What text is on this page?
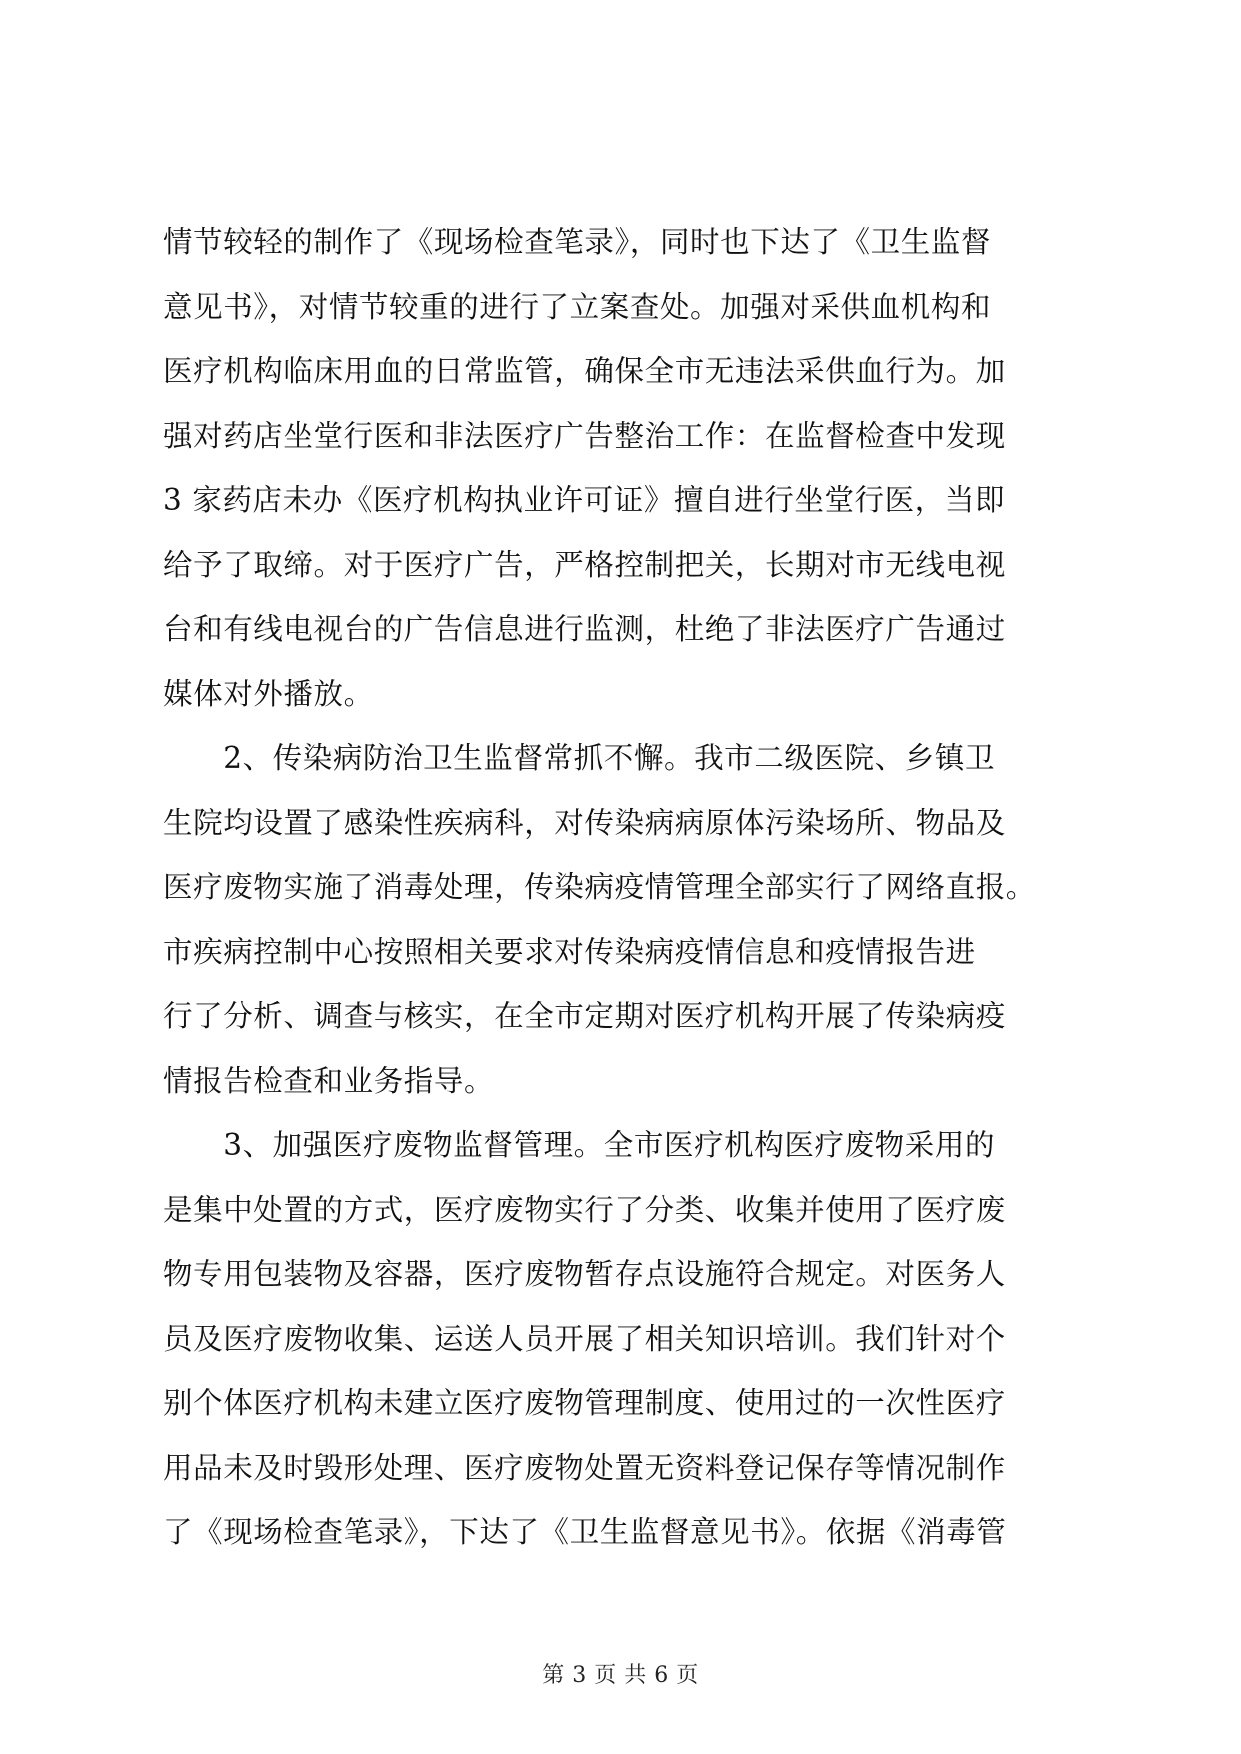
情节较轻的制作了《现场检查笔录》，同时也下达了《卫生监督
意见书》，对情节较重的进行了立案查处。加强对采供血机构和
医疗机构临床用血的日常监管，确保全市无违法采供血行为。加
强对药店坐堂行医和非法医疗广告整治工作：在监督检查中发现
3 家药店未办《医疗机构执业许可证》擅自进行坐堂行医，当即
给予了取缔。对于医疗广告，严格控制把关，长期对市无线电视
台和有线电视台的广告信息进行监测，杜绝了非法医疗广告通过
媒体对外播放。
　　2、传染病防治卫生监督常抓不懈。我市二级医院、乡镇卫
生院均设置了感染性疾病科，对传染病病原体污染场所、物品及
医疗废物实施了消毒处理，传染病疫情管理全部实行了网络直报。
市疾病控制中心按照相关要求对传染病疫情信息和疫情报告进
行了分析、调查与核实，在全市定期对医疗机构开展了传染病疫
情报告检查和业务指导。
　　3、加强医疗废物监督管理。全市医疗机构医疗废物采用的
是集中处置的方式，医疗废物实行了分类、收集并使用了医疗废
物专用包装物及容器，医疗废物暂存点设施符合规定。对医务人
员及医疗废物收集、运送人员开展了相关知识培训。我们针对个
别个体医疗机构未建立医疗废物管理制度、使用过的一次性医疗
用品未及时毁形处理、医疗废物处置无资料登记保存等情况制作
了《现场检查笔录》，下达了《卫生监督意见书》。依据《消毒管
第 3 页 共 6 页
